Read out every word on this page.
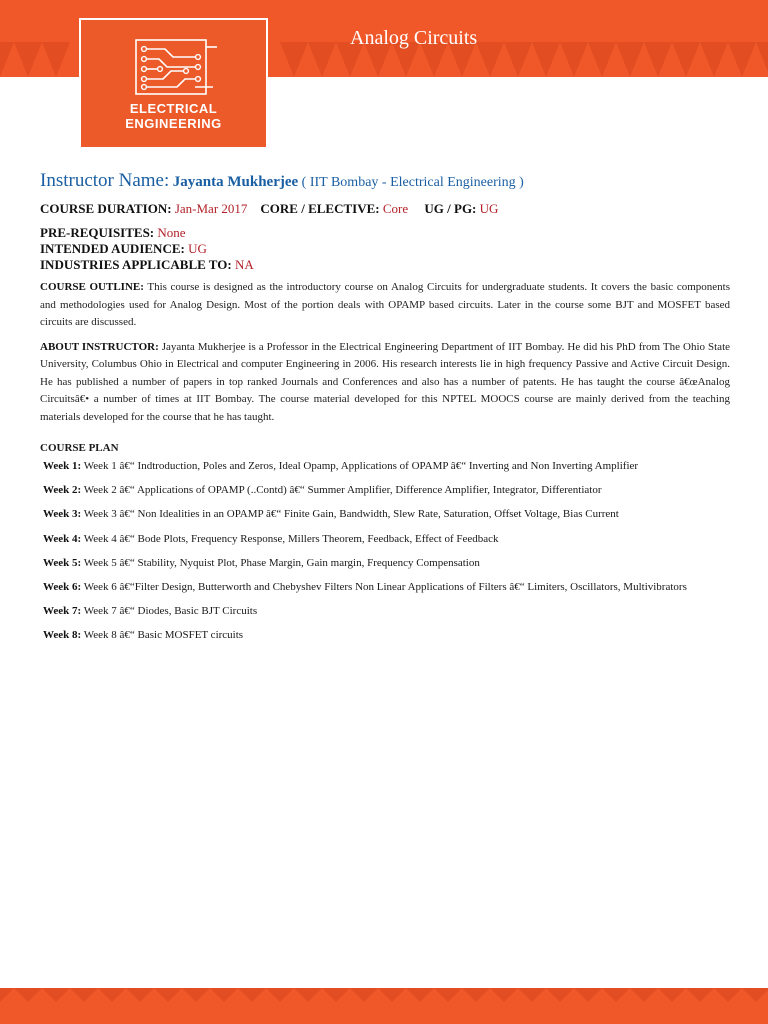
Analog Circuits
ELECTRICAL
ENGINEERING

Instructor Name: Jayanta Mukherjee ( IIT Bombay - Electrical Engineering )

COURSE DURATION: Jan-Mar 2017 CORE / ELECTIVE: Core UG / PG: UG

PRE-REQUISITES: None

INTENDED AUDIENCE: UG

INDUSTRIES APPLICABLE TO: NA

COURSE OUTLINE: This course is designed as the introductory course on Analog Circuits for undergraduate students. It covers the basic components and methodologies used for Analog Design. Most of the portion deals with OPAMP based circuits. Later in the course some BJT and MOSFET based circuits are discussed.

ABOUT INSTRUCTOR: Jayanta Mukherjee is a Professor in the Electrical Engineering Department of IIT Bombay. He did his PhD from The Ohio State University, Columbus Ohio in Electrical and computer Engineering in 2006. His research interests lie in high frequency Passive and Active Circuit Design. He has published a number of papers in top ranked Journals and Conferences and also has a number of patents. He has taught the course â€œAnalog Circuitsâ€• a number of times at IIT Bombay. The course material developed for this NPTEL MOOCS course are mainly derived from the teaching materials developed for the course that he has taught.

COURSE PLAN

Week 1: Week 1 â€“ Indtroduction, Poles and Zeros, Ideal Opamp, Applications of OPAMP â€“ Inverting and Non Inverting Amplifier
Week 2: Week 2 â€“ Applications of OPAMP (..Contd) â€“ Summer Amplifier, Difference Amplifier, Integrator, Differentiator
Week 3: Week 3 â€“ Non Idealities in an OPAMP â€“ Finite Gain, Bandwidth, Slew Rate, Saturation, Offset Voltage, Bias Current
Week 4: Week 4 â€“ Bode Plots, Frequency Response, Millers Theorem, Feedback, Effect of Feedback
Week 5: Week 5 â€“ Stability, Nyquist Plot, Phase Margin, Gain margin, Frequency Compensation
Week 6: Week 6 â€“Filter Design, Butterworth and Chebyshev Filters Non Linear Applications of Filters â€“ Limiters, Oscillators, Multivibrators
Week 7: Week 7 â€“ Diodes, Basic BJT Circuits
Week 8: Week 8 â€“ Basic MOSFET circuits
